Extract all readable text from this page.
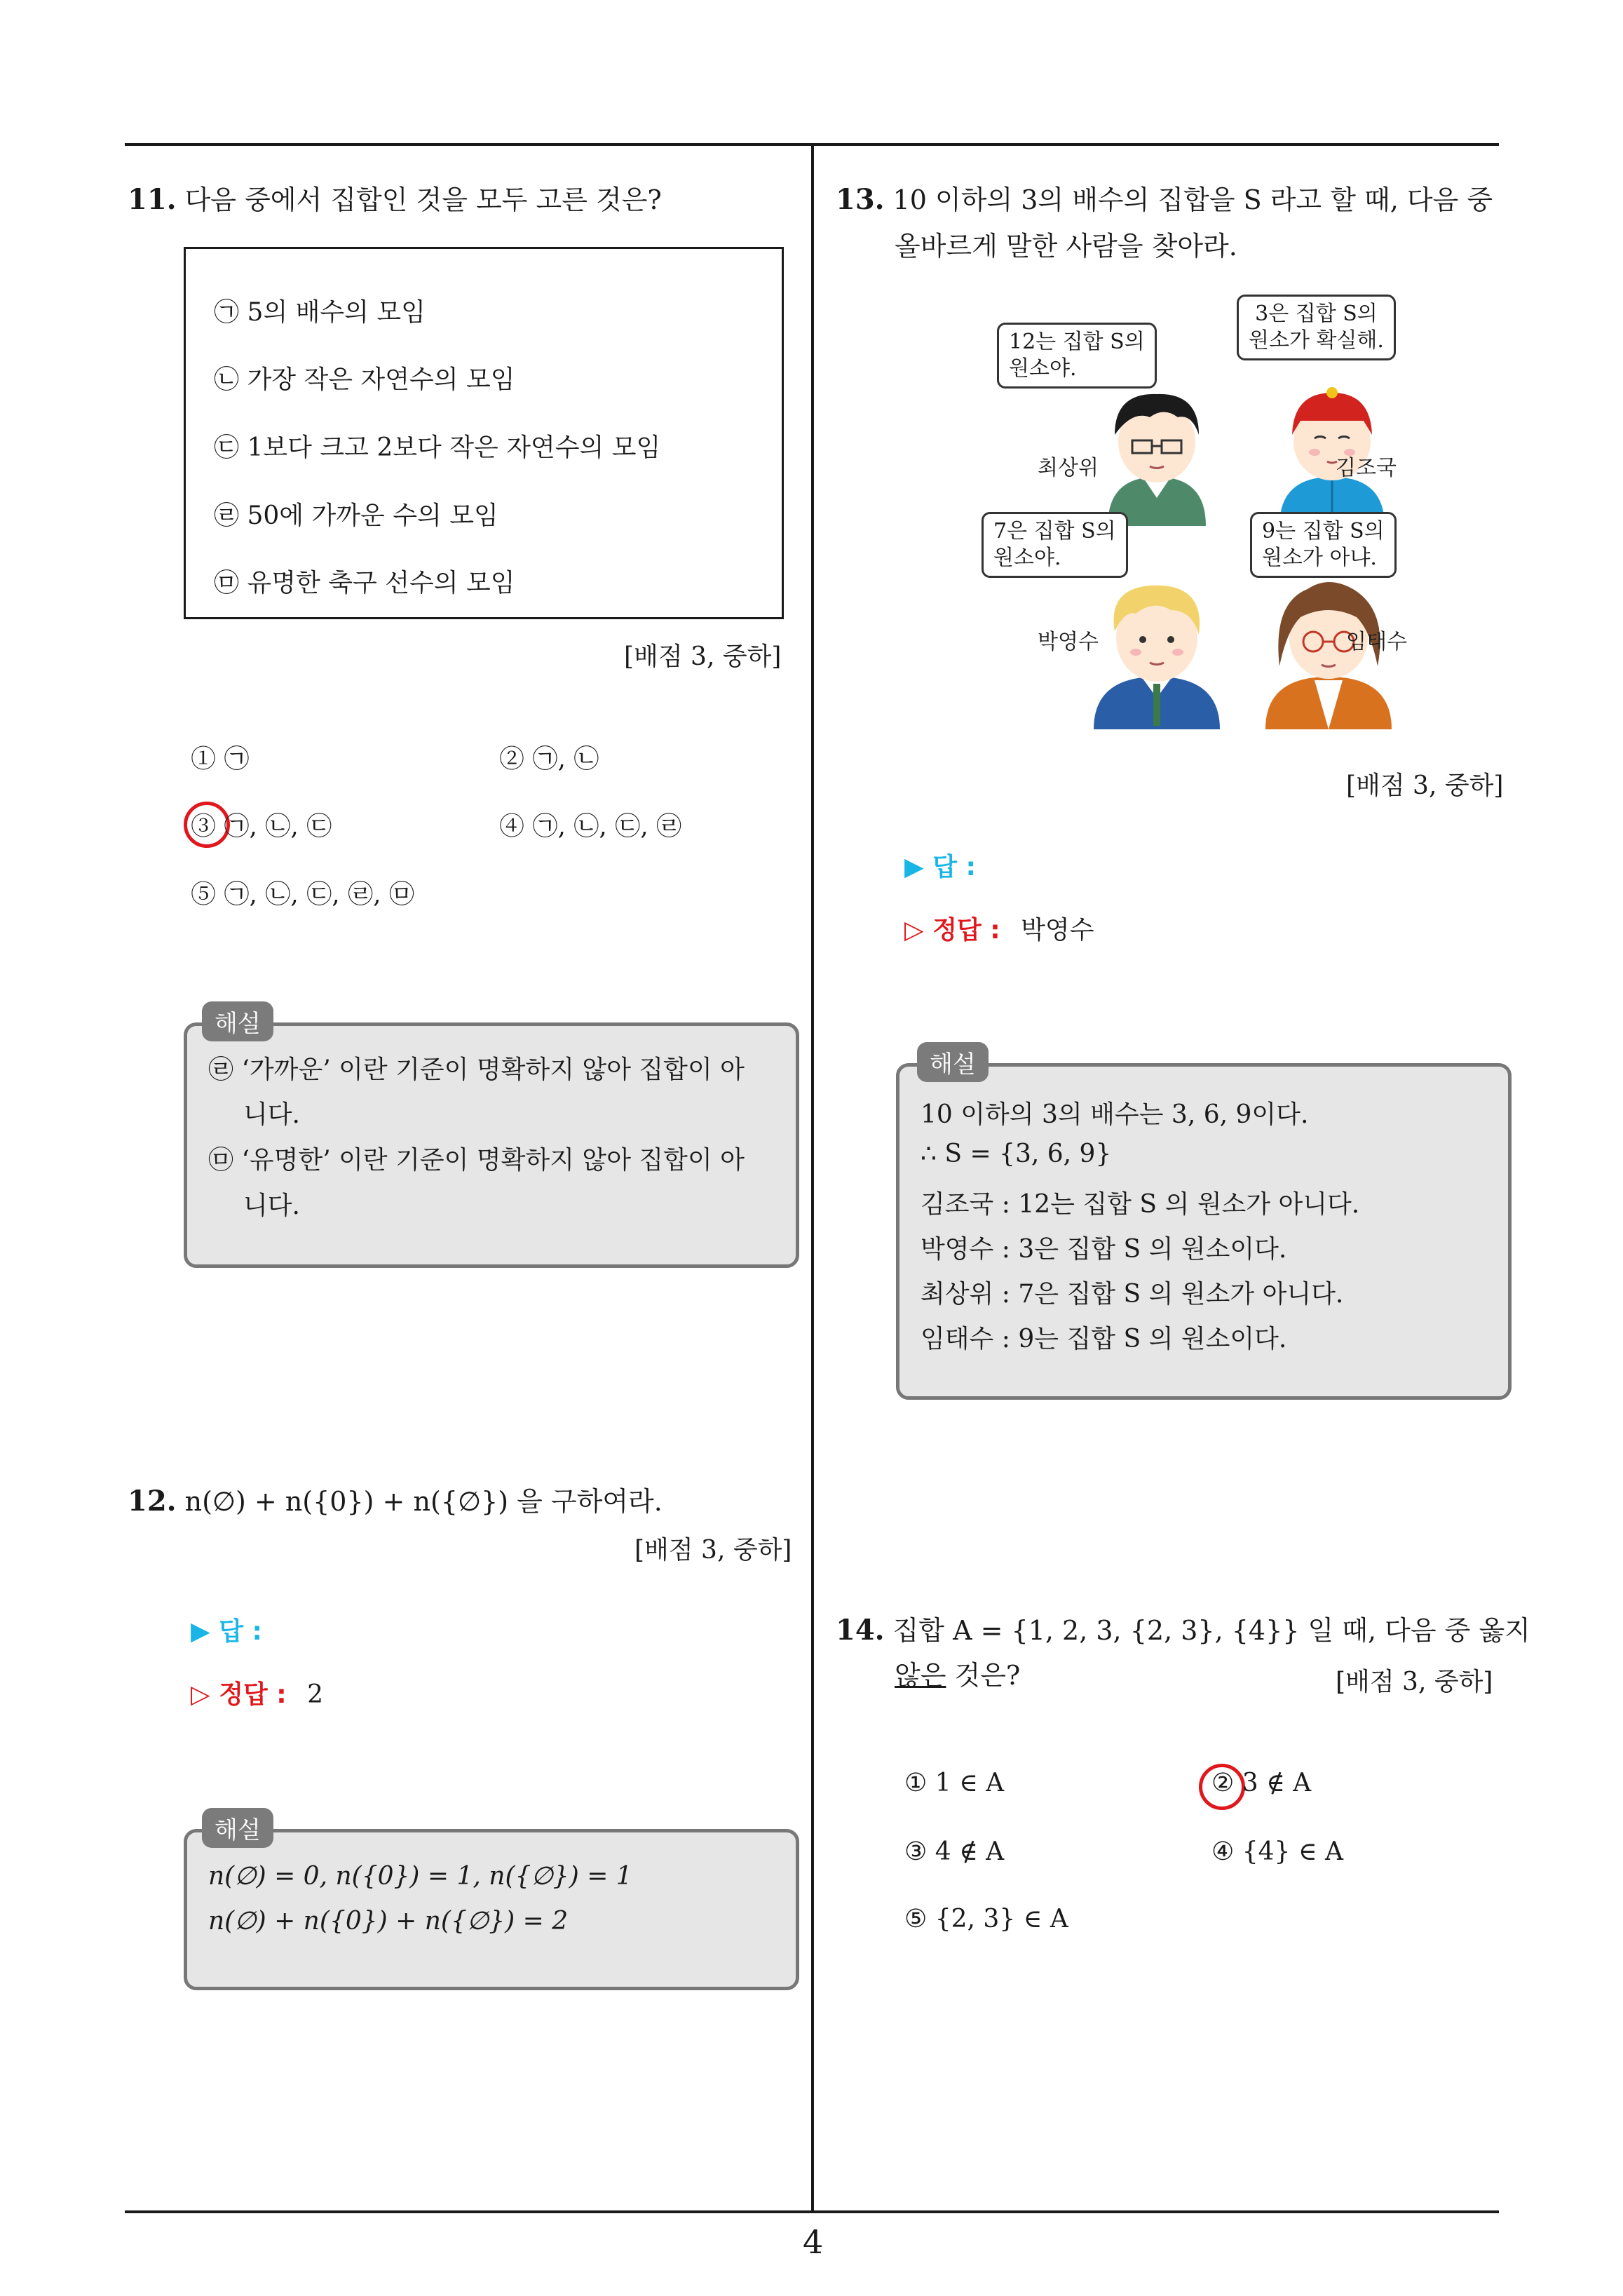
4
11. 다음 중에서 집합인 것을 모두 고른 것은?
㉠ 5의 배수의 모임
㉡ 가장 작은 자연수의 모임
㉢ 1보다 크고 2보다 작은 자연수의 모임
㉣ 50에 가까운 수의 모임
㉤ 유명한 축구 선수의 모임
[배점 3, 중하]
① ㉠	② ㉠, ㉡
③ ㉠, ㉡, ㉢	④ ㉠, ㉡, ㉢, ㉣
⑤ ㉠, ㉡, ㉢, ㉣, ㉤
㉣ ‘가까운’ 이란 기준이 명확하지 않아 집합이 아
니다.
㉤ ‘유명한’ 이란 기준이 명확하지 않아 집합이 아
니다.
해설
12. n(∅) + n({0}) + n({∅}) 을 구하여라.
[배점 3, 중하]
▶ 답 :
▷ 정답 : 2
n(∅) = 0, n({0}) = 1, n({∅}) = 1
n(∅) + n({0}) + n({∅}) = 2
해설
13. 10 이하의 3의 배수의 집합을 S 라고 할 때, 다음 중
올바르게 말한 사람을 찾아라.
12는 집합 S의
원소야.
최상위
3은 집합 S의
원소가 확실해.
김조국
7은 집합 S의
원소야.
박영수
9는 집합 S의
원소가 아냐.
임태수
[배점 3, 중하]
▶ 답 :
▷ 정답 : 박영수
10 이하의 3의 배수는 3, 6, 9이다.
∴ S = {3, 6, 9}
김조국 : 12는 집합 S 의 원소가 아니다.
박영수 : 3은 집합 S 의 원소이다.
최상위 : 7은 집합 S 의 원소가 아니다.
임태수 : 9는 집합 S 의 원소이다.
해설
14. 집합 A = {1, 2, 3, {2, 3}, {4}} 일 때, 다음 중 옳지
않은 것은?	[배점 3, 중하]
① 1 ∈ A	② 3 ∉ A
③ 4 ∉ A	④ {4} ∈ A
⑤ {2, 3} ∈ A
